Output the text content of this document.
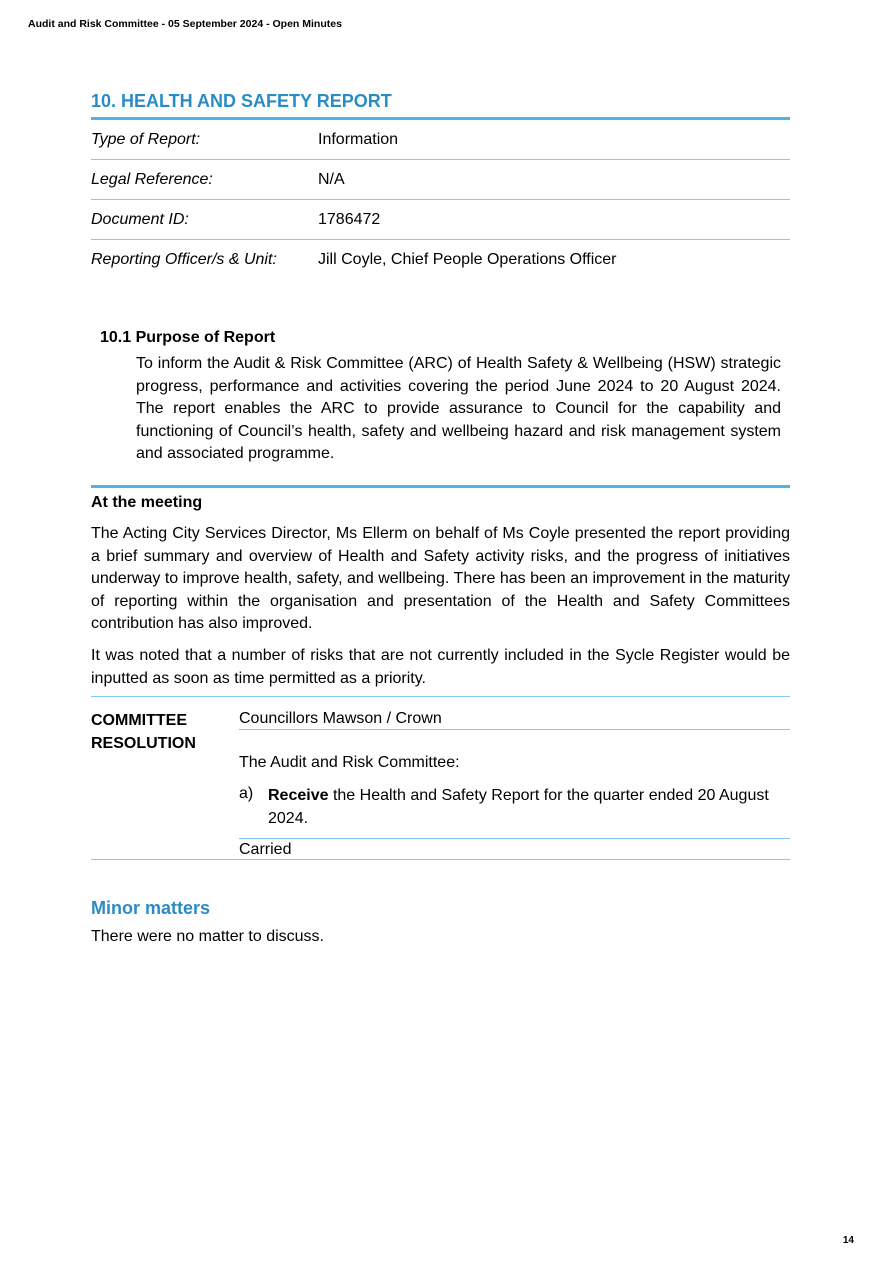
Audit and Risk Committee - 05 September 2024 - Open Minutes
10. HEALTH AND SAFETY REPORT
Type of Report:	Information
Legal Reference:	N/A
Document ID:	1786472
Reporting Officer/s & Unit:	Jill Coyle, Chief People Operations Officer
10.1 Purpose of Report
To inform the Audit & Risk Committee (ARC) of Health Safety & Wellbeing (HSW) strategic progress, performance and activities covering the period June 2024 to 20 August 2024. The report enables the ARC to provide assurance to Council for the capability and functioning of Council’s health, safety and wellbeing hazard and risk management system and associated programme.
At the meeting
The Acting City Services Director, Ms Ellerm on behalf of Ms Coyle presented the report providing a brief summary and overview of Health and Safety activity risks, and the progress of initiatives underway to improve health, safety, and wellbeing. There has been an improvement in the maturity of reporting within the organisation and presentation of the Health and Safety Committees contribution has also improved.
It was noted that a number of risks that are not currently included in the Sycle Register would be inputted as soon as time permitted as a priority.
COMMITTEE
RESOLUTION
Councillors Mawson / Crown
The Audit and Risk Committee:
a) Receive the Health and Safety Report for the quarter ended 20 August 2024.
Carried
Minor matters
There were no matter to discuss.
14
